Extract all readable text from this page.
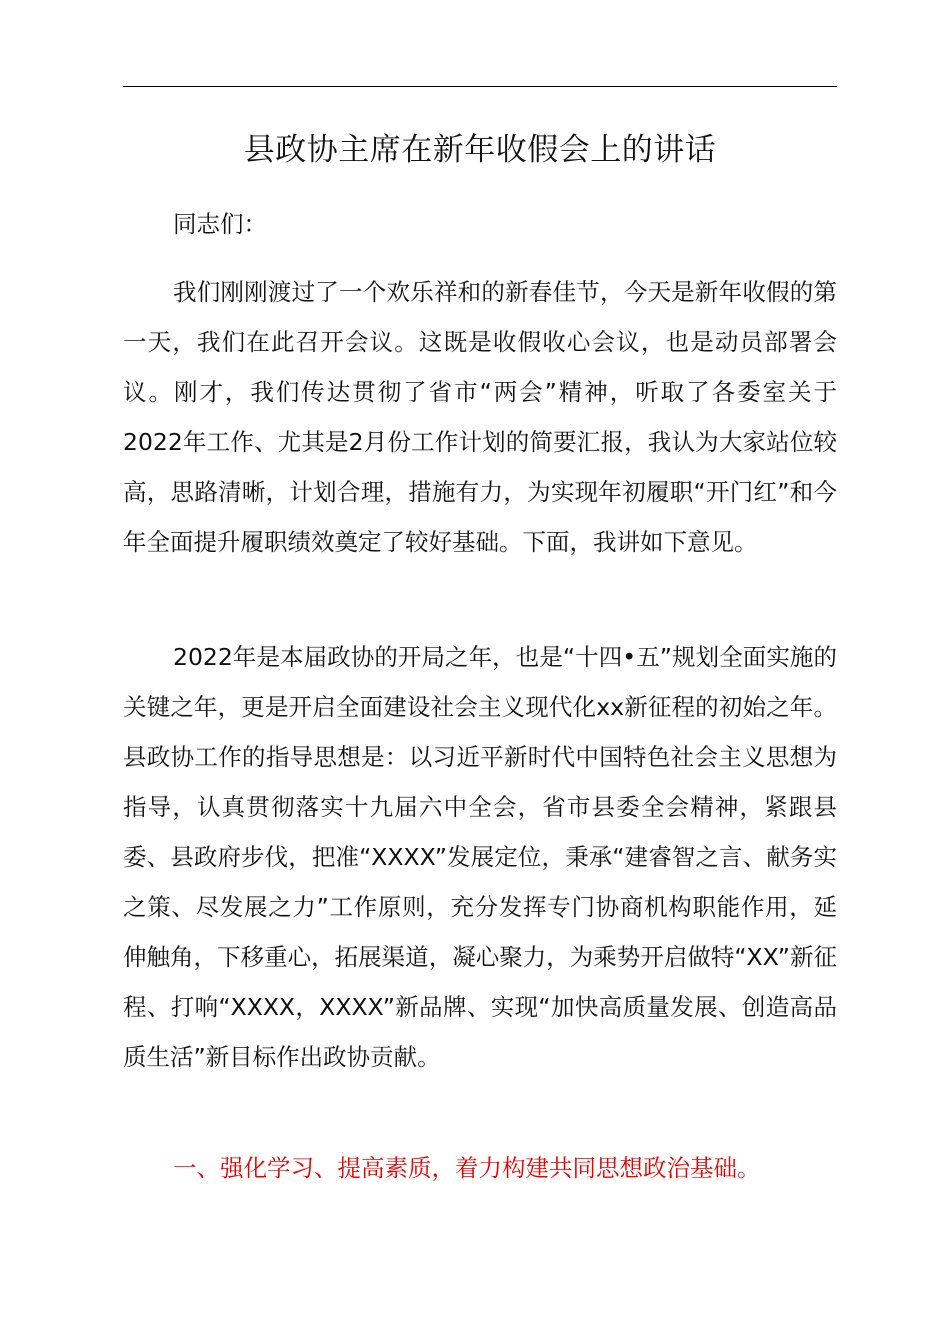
县政协主席在新年收假会上的讲话

同志们：

我们刚刚渡过了一个欢乐祥和的新春佳节，今天是新年收假的第一天，我们在此召开会议。这既是收假收心会议，也是动员部署会议。刚才，我们传达贯彻了省市“两会”精神，听取了各委室关于2022年工作、尤其是2月份工作计划的简要汇报，我认为大家站位较高，思路清晰，计划合理，措施有力，为实现年初履职“开门红”和今年全面提升履职绩效奠定了较好基础。下面，我讲如下意见。

2022年是本届政协的开局之年，也是“十四•五”规划全面实施的关键之年，更是开启全面建设社会主义现代化xx新征程的初始之年。县政协工作的指导思想是：以习近平新时代中国特色社会主义思想为指导，认真贯彻落实十九届六中全会，省市县委全会精神，紧跟县委、县政府步伐，把准“XXXX”发展定位，秉承“建睿智之言、献务实之策、尽发展之力”工作原则，充分发挥专门协商机构职能作用，延伸触角，下移重心，拓展渠道，凝心聚力，为乘势开启做特“XX”新征程、打响“XXXX，XXXX”新品牌、实现“加快高质量发展、创造高品质生活”新目标作出政协贡献。

一、强化学习、提高素质，着力构建共同思想政治基础。
